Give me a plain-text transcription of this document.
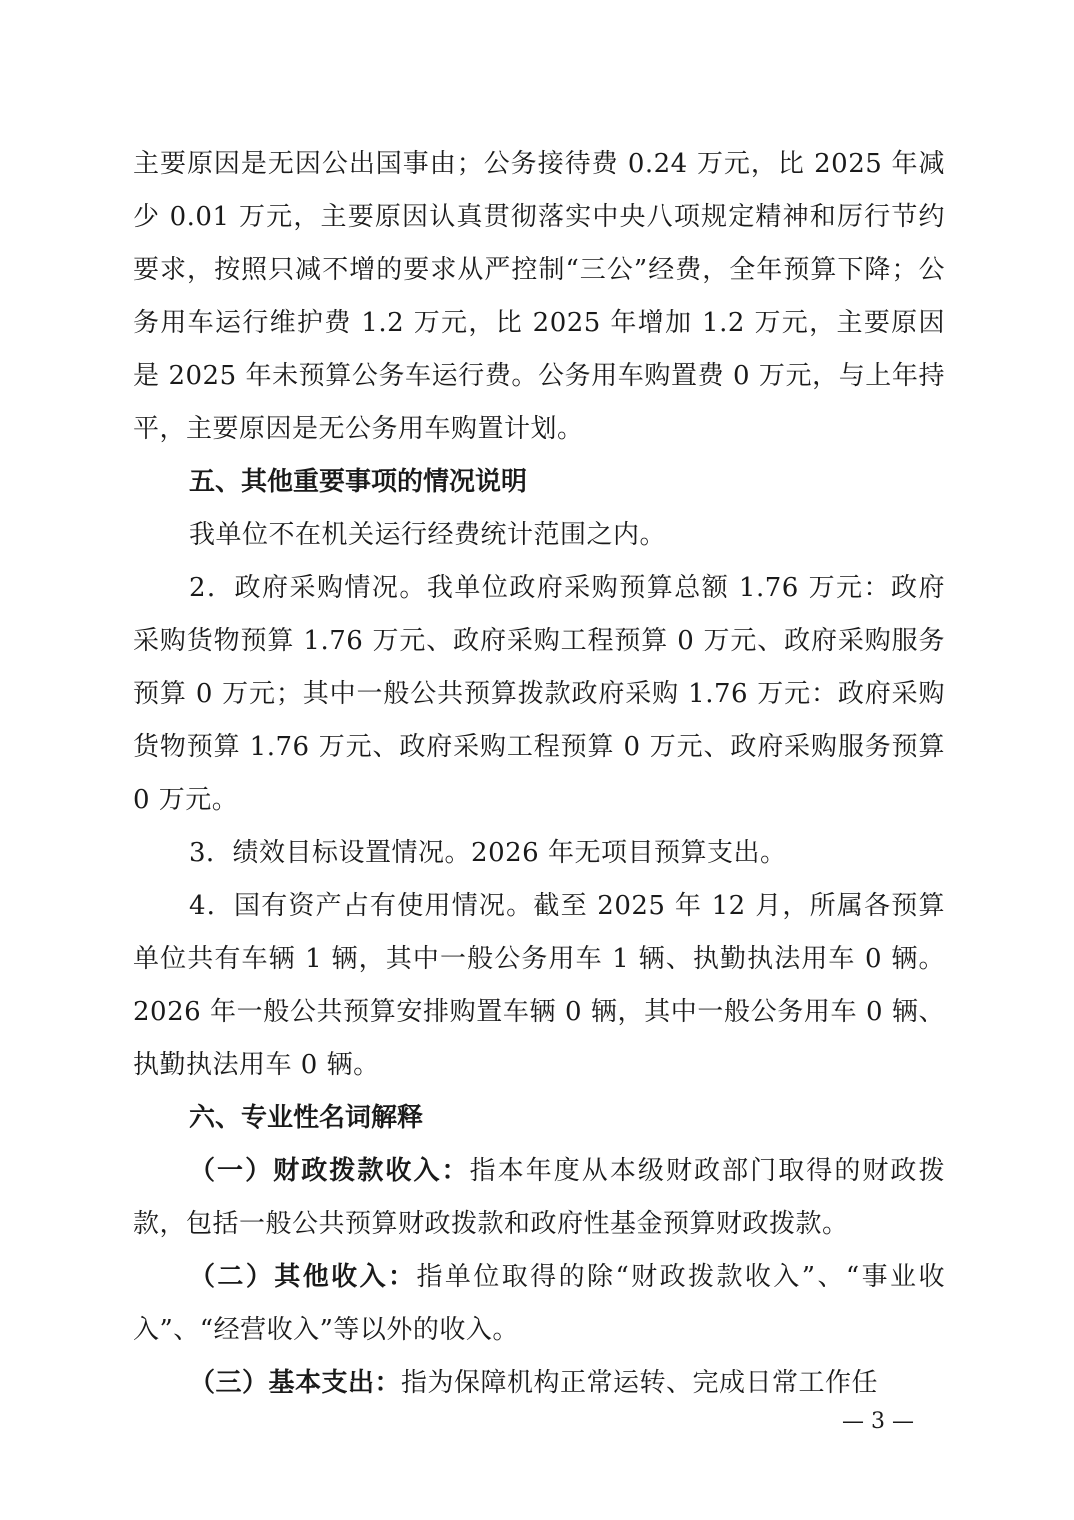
主要原因是无因公出国事由；公务接待费 0.24 万元，比 2025 年减少 0.01 万元，主要原因认真贯彻落实中央八项规定精神和厉行节约要求，按照只减不增的要求从严控制“三公”经费，全年预算下降；公务用车运行维护费 1.2 万元，比 2025 年增加 1.2 万元，主要原因是 2025 年未预算公务车运行费。公务用车购置费 0 万元，与上年持平，主要原因是无公务用车购置计划。

五、其他重要事项的情况说明

我单位不在机关运行经费统计范围之内。

2．政府采购情况。我单位政府采购预算总额 1.76 万元：政府采购货物预算 1.76 万元、政府采购工程预算 0 万元、政府采购服务预算 0 万元；其中一般公共预算拨款政府采购 1.76 万元：政府采购货物预算 1.76 万元、政府采购工程预算 0 万元、政府采购服务预算 0 万元。

3．绩效目标设置情况。2026 年无项目预算支出。

4．国有资产占有使用情况。截至 2025 年 12 月，所属各预算单位共有车辆 1 辆，其中一般公务用车 1 辆、执勤执法用车 0 辆。2026 年一般公共预算安排购置车辆 0 辆，其中一般公务用车 0 辆、执勤执法用车 0 辆。

六、专业性名词解释

（一）财政拨款收入：指本年度从本级财政部门取得的财政拨款，包括一般公共预算财政拨款和政府性基金预算财政拨款。

（二）其他收入：指单位取得的除“财政拨款收入”、“事业收入”、“经营收入”等以外的收入。

（三）基本支出：指为保障机构正常运转、完成日常工作任

— 3 —
